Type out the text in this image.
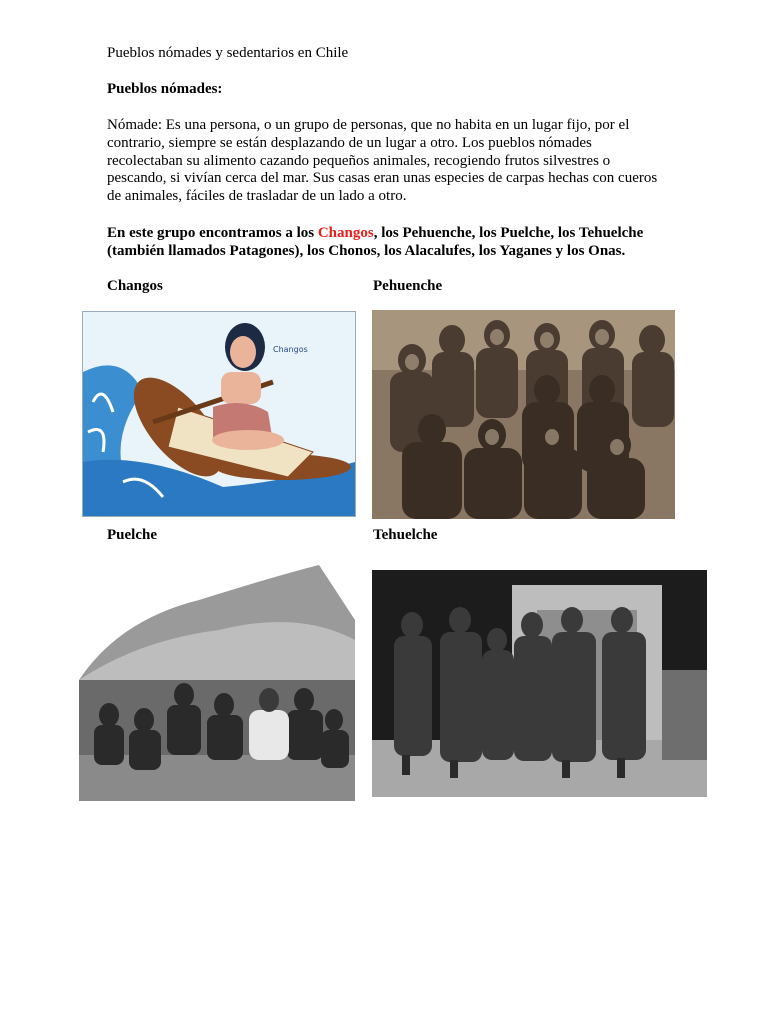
Pueblos nómades y sedentarios en Chile
Pueblos nómades:
Nómade: Es una persona, o un grupo de personas, que no habita en un lugar fijo, por el
contrario, siempre se están desplazando de un lugar a otro. Los pueblos nómades
recolectaban su alimento cazando pequeños animales, recogiendo frutos silvestres o
pescando, si vivían cerca del mar. Sus casas eran unas especies de carpas hechas con cueros
de animales, fáciles de trasladar de un lado a otro.
En este grupo encontramos a los Changos, los Pehuenche, los Puelche, los Tehuelche
(también llamados Patagones), los Chonos, los Alacalufes, los Yaganes y los Onas.
Changos	Pehuenche
Changos
Puelche	Tehuelche
